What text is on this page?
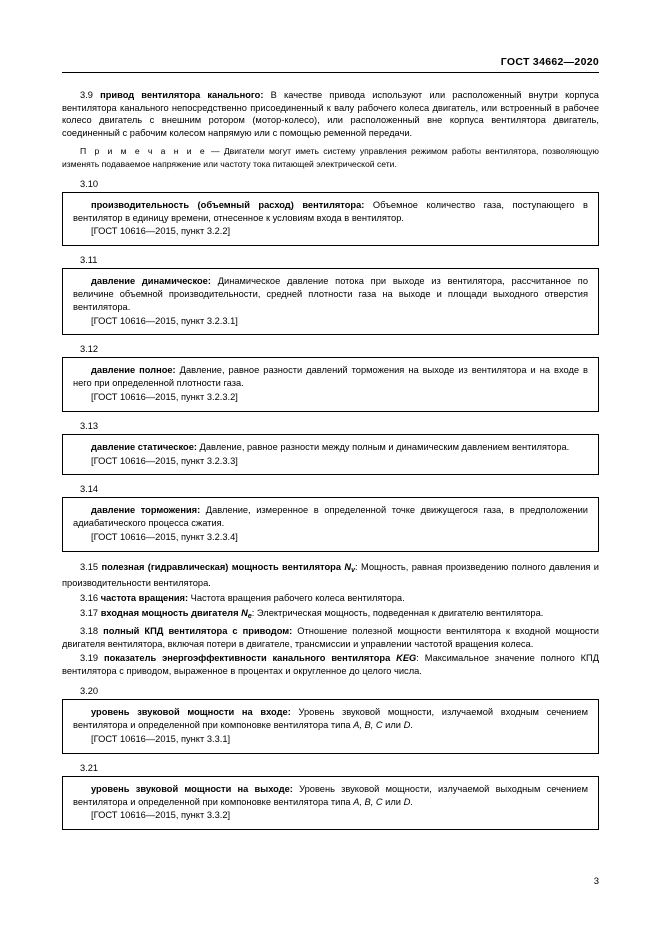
ГОСТ 34662—2020

3.9 привод вентилятора канального: В качестве привода используют или расположенный внутри корпуса вентилятора канального непосредственно присоединенный к валу рабочего колеса двигатель, или встроенный в рабочее колесо двигатель с внешним ротором (мотор-колесо), или расположенный вне корпуса вентилятора двигатель, соединенный с рабочим колесом напрямую или с помощью ременной передачи.

П р и м е ч а н и е — Двигатели могут иметь систему управления режимом работы вентилятора, позволяющую изменять подаваемое напряжение или частоту тока питающей электрической сети.

3.10

производительность (объемный расход) вентилятора: Объемное количество газа, поступающего в вентилятор в единицу времени, отнесенное к условиям входа в вентилятор.

[ГОСТ 10616—2015, пункт 3.2.2]

3.11

давление динамическое: Динамическое давление потока при выходе из вентилятора, рассчитанное по величине объемной производительности, средней плотности газа на выходе и площади выходного отверстия вентилятора.

[ГОСТ 10616—2015, пункт 3.2.3.1]

3.12

давление полное: Давление, равное разности давлений торможения на выходе из вентилятора и на входе в него при определенной плотности газа.

[ГОСТ 10616—2015, пункт 3.2.3.2]

3.13

давление статическое: Давление, равное разности между полным и динамическим давлением вентилятора.

[ГОСТ 10616—2015, пункт 3.2.3.3]

3.14

давление торможения: Давление, измеренное в определенной точке движущегося газа, в предположении адиабатического процесса сжатия.

[ГОСТ 10616—2015, пункт 3.2.3.4]

3.15 полезная (гидравлическая) мощность вентилятора $N_v$: Мощность, равная произведению полного давления и производительности вентилятора.

3.16 частота вращения: Частота вращения рабочего колеса вентилятора.

3.17 входная мощность двигателя $N_e$: Электрическая мощность, подведенная к двигателю вентилятора.

3.18 полный КПД вентилятора с приводом: Отношение полезной мощности вентилятора к входной мощности двигателя вентилятора, включая потери в двигателе, трансмиссии и управлении частотой вращения колеса.

3.19 показатель энергоэффективности канального вентилятора KEG: Максимальное значение полного КПД вентилятора с приводом, выраженное в процентах и округленное до целого числа.

3.20

уровень звуковой мощности на входе: Уровень звуковой мощности, излучаемой входным сечением вентилятора и определенной при компоновке вентилятора типа A, B, C или D.

[ГОСТ 10616—2015, пункт 3.3.1]

3.21

уровень звуковой мощности на выходе: Уровень звуковой мощности, излучаемой выходным сечением вентилятора и определенной при компоновке вентилятора типа A, B, C или D.

[ГОСТ 10616—2015, пункт 3.3.2]

3
